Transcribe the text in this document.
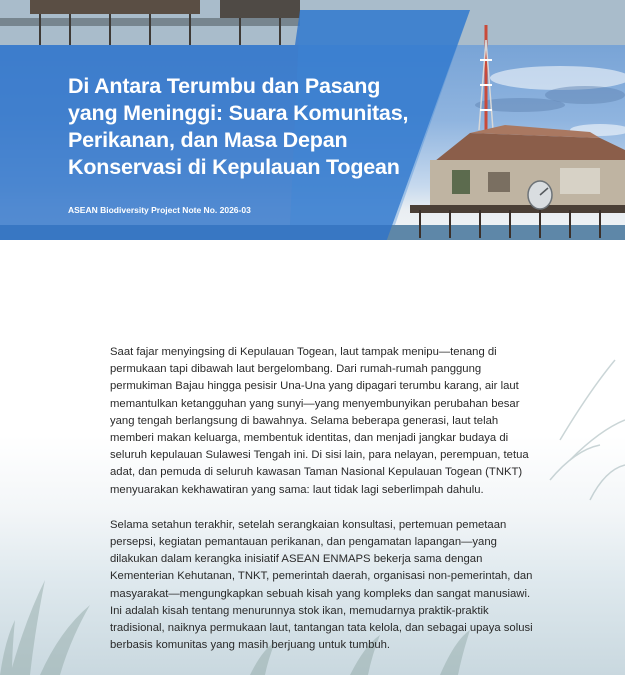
Di Antara Terumbu dan Pasang yang Meninggi: Suara Komunitas, Perikanan, dan Masa Depan Konservasi di Kepulauan Togean
ASEAN Biodiversity Project Note No. 2026-03

Saat fajar menyingsing di Kepulauan Togean, laut tampak menipu—tenang di permukaan tapi dibawah laut bergelombang. Dari rumah-rumah panggung permukiman Bajau hingga pesisir Una-Una yang dipagari terumbu karang, air laut memantulkan ketangguhan yang sunyi—yang menyembunyikan perubahan besar yang tengah berlangsung di bawahnya. Selama beberapa generasi, laut telah memberi makan keluarga, membentuk identitas, dan menjadi jangkar budaya di seluruh kepulauan Sulawesi Tengah ini. Di sisi lain, para nelayan, perempuan, tetua adat, dan pemuda di seluruh kawasan Taman Nasional Kepulauan Togean (TNKT) menyuarakan kekhawatiran yang sama: laut tidak lagi seberlimpah dahulu.

Selama setahun terakhir, setelah serangkaian konsultasi, pertemuan pemetaan persepsi, kegiatan pemantauan perikanan, dan pengamatan lapangan—yang dilakukan dalam kerangka inisiatif ASEAN ENMAPS bekerja sama dengan Kementerian Kehutanan, TNKT, pemerintah daerah, organisasi non-pemerintah, dan masyarakat—mengungkapkan sebuah kisah yang kompleks dan sangat manusiawi. Ini adalah kisah tentang menurunnya stok ikan, memudarnya praktik-praktik tradisional, naiknya permukaan laut, tantangan tata kelola, dan sebagai upaya solusi berbasis komunitas yang masih berjuang untuk tumbuh.
